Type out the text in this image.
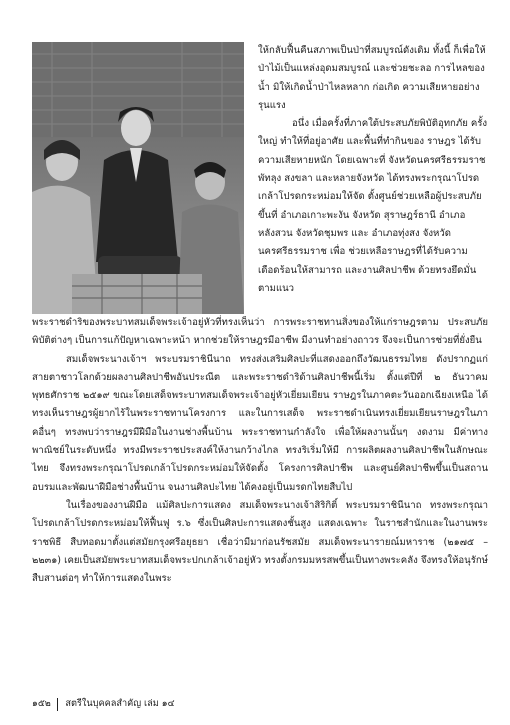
ให้กลับฟื้นคืนสภาพเป็นป่าที่สมบูรณ์ดังเดิม ทั้งนี้ ก็เพื่อให้ป่าไม้เป็นแหล่งอุดมสมบูรณ์ และช่วยชะลอ การไหลของน้ำ มิให้เกิดน้ำป่าไหลหลาก ก่อเกิด ความเสียหายอย่างรุนแรง

อนึ่ง เมื่อครั้งที่ภาคใต้ประสบภัยพิบัติอุทกภัย ครั้งใหญ่ ทำให้ที่อยู่อาศัย และพื้นที่ทำกินของ ราษฎร ได้รับความเสียหายหนัก โดยเฉพาะที่ จังหวัดนครศรีธรรมราช พัทลุง สงขลา และหลายจังหวัด ได้ทรงพระกรุณาโปรดเกล้าโปรดกระหม่อมให้จัด ตั้งศูนย์ช่วยเหลือผู้ประสบภัยขึ้นที่ อำเภอเกาะพะงัน จังหวัด สุราษฎร์ธานี อำเภอหลังสวน จังหวัดชุมพร และ อำเภอทุ่งสง จังหวัดนครศรีธรรมราช เพื่อ ช่วยเหลือราษฎรที่ได้รับความเดือดร้อนให้สามารถ และงานศิลปาชีพ ด้วยทรงยึดมั่นตามแนว

พระราชดำริของพระบาทสมเด็จพระเจ้าอยู่หัวที่ทรงเห็นว่า การพระราชทานสิ่งของให้แก่ราษฎรตาม ประสบภัยพิบัติต่างๆ เป็นการแก้ปัญหาเฉพาะหน้า หากช่วยให้ราษฎรมีอาชีพ มีงานทำอย่างถาวร จึงจะเป็นการช่วยที่ยั่งยืน

สมเด็จพระนางเจ้าฯ พระบรมราชินีนาถ ทรงส่งเสริมศิลปะที่แสดงออกถึงวัฒนธรรมไทย ดังปรากฏแก่สายตาชาวโลกด้วยผลงานศิลปาชีพอันประณีต และพระราชดำริด้านศิลปาชีพนี้เริ่ม ตั้งแต่ปีที่ ๒ ธันวาคม พุทธศักราช ๒๕๑๙ ขณะโดยเสด็จพระบาทสมเด็จพระเจ้าอยู่หัวเยี่ยมเยียน ราษฎรในภาคตะวันออกเฉียงเหนือ ได้ทรงเห็นราษฎรผู้ยากไร้ในพระราชทานโครงการ และในการเสด็จ พระราชดำเนินทรงเยี่ยมเยียนราษฎรในภาคอื่นๆ ทรงพบว่าราษฎรมีฝีมือในงานช่างพื้นบ้าน พระราชทานกำลังใจ เพื่อให้ผลงานนั้นๆ งดงาม มีค่าทางพาณิชย์ในระดับหนึ่ง ทรงมีพระราชประสงค์ให้งานกว้างไกล ทรงริเริ่มให้มี การผลิตผลงานศิลปาชีพในลักษณะไทย จึงทรงพระกรุณาโปรดเกล้าโปรดกระหม่อมให้จัดตั้ง โครงการศิลปาชีพ และศูนย์ศิลปาชีพขึ้นเป็นสถานอบรมและพัฒนาฝีมือช่างพื้นบ้าน จนงานศิลปะไทย ได้คงอยู่เป็นมรดกไทยสืบไป

ในเรื่องของงานฝีมือ แม้ศิลปะการแสดง สมเด็จพระนางเจ้าสิริกิติ์ พระบรมราชินีนาถ ทรงพระกรุณาโปรดเกล้าโปรดกระหม่อมให้ฟื้นฟู ร.๖ ซึ่งเป็นศิลปะการแสดงชั้นสูง แสดงเฉพาะ ในราชสำนักและในงานพระราชพิธี สืบทอดมาตั้งแต่สมัยกรุงศรีอยุธยา เชื่อว่ามีมาก่อนรัชสมัย สมเด็จพระนารายณ์มหาราช (๒๑๗๕ – ๒๒๓๑) เคยเป็นสมัยพระบาทสมเด็จพระปกเกล้าเจ้าอยู่หัว ทรงตั้งกรมมหรสพขึ้นเป็นทางพระคลัง จึงทรงให้อนุรักษ์สืบสานต่อๆ ทำให้การแสดงในพระ

๑๕๒ สตรีในบุคคลสำคัญ เล่ม ๑๔
